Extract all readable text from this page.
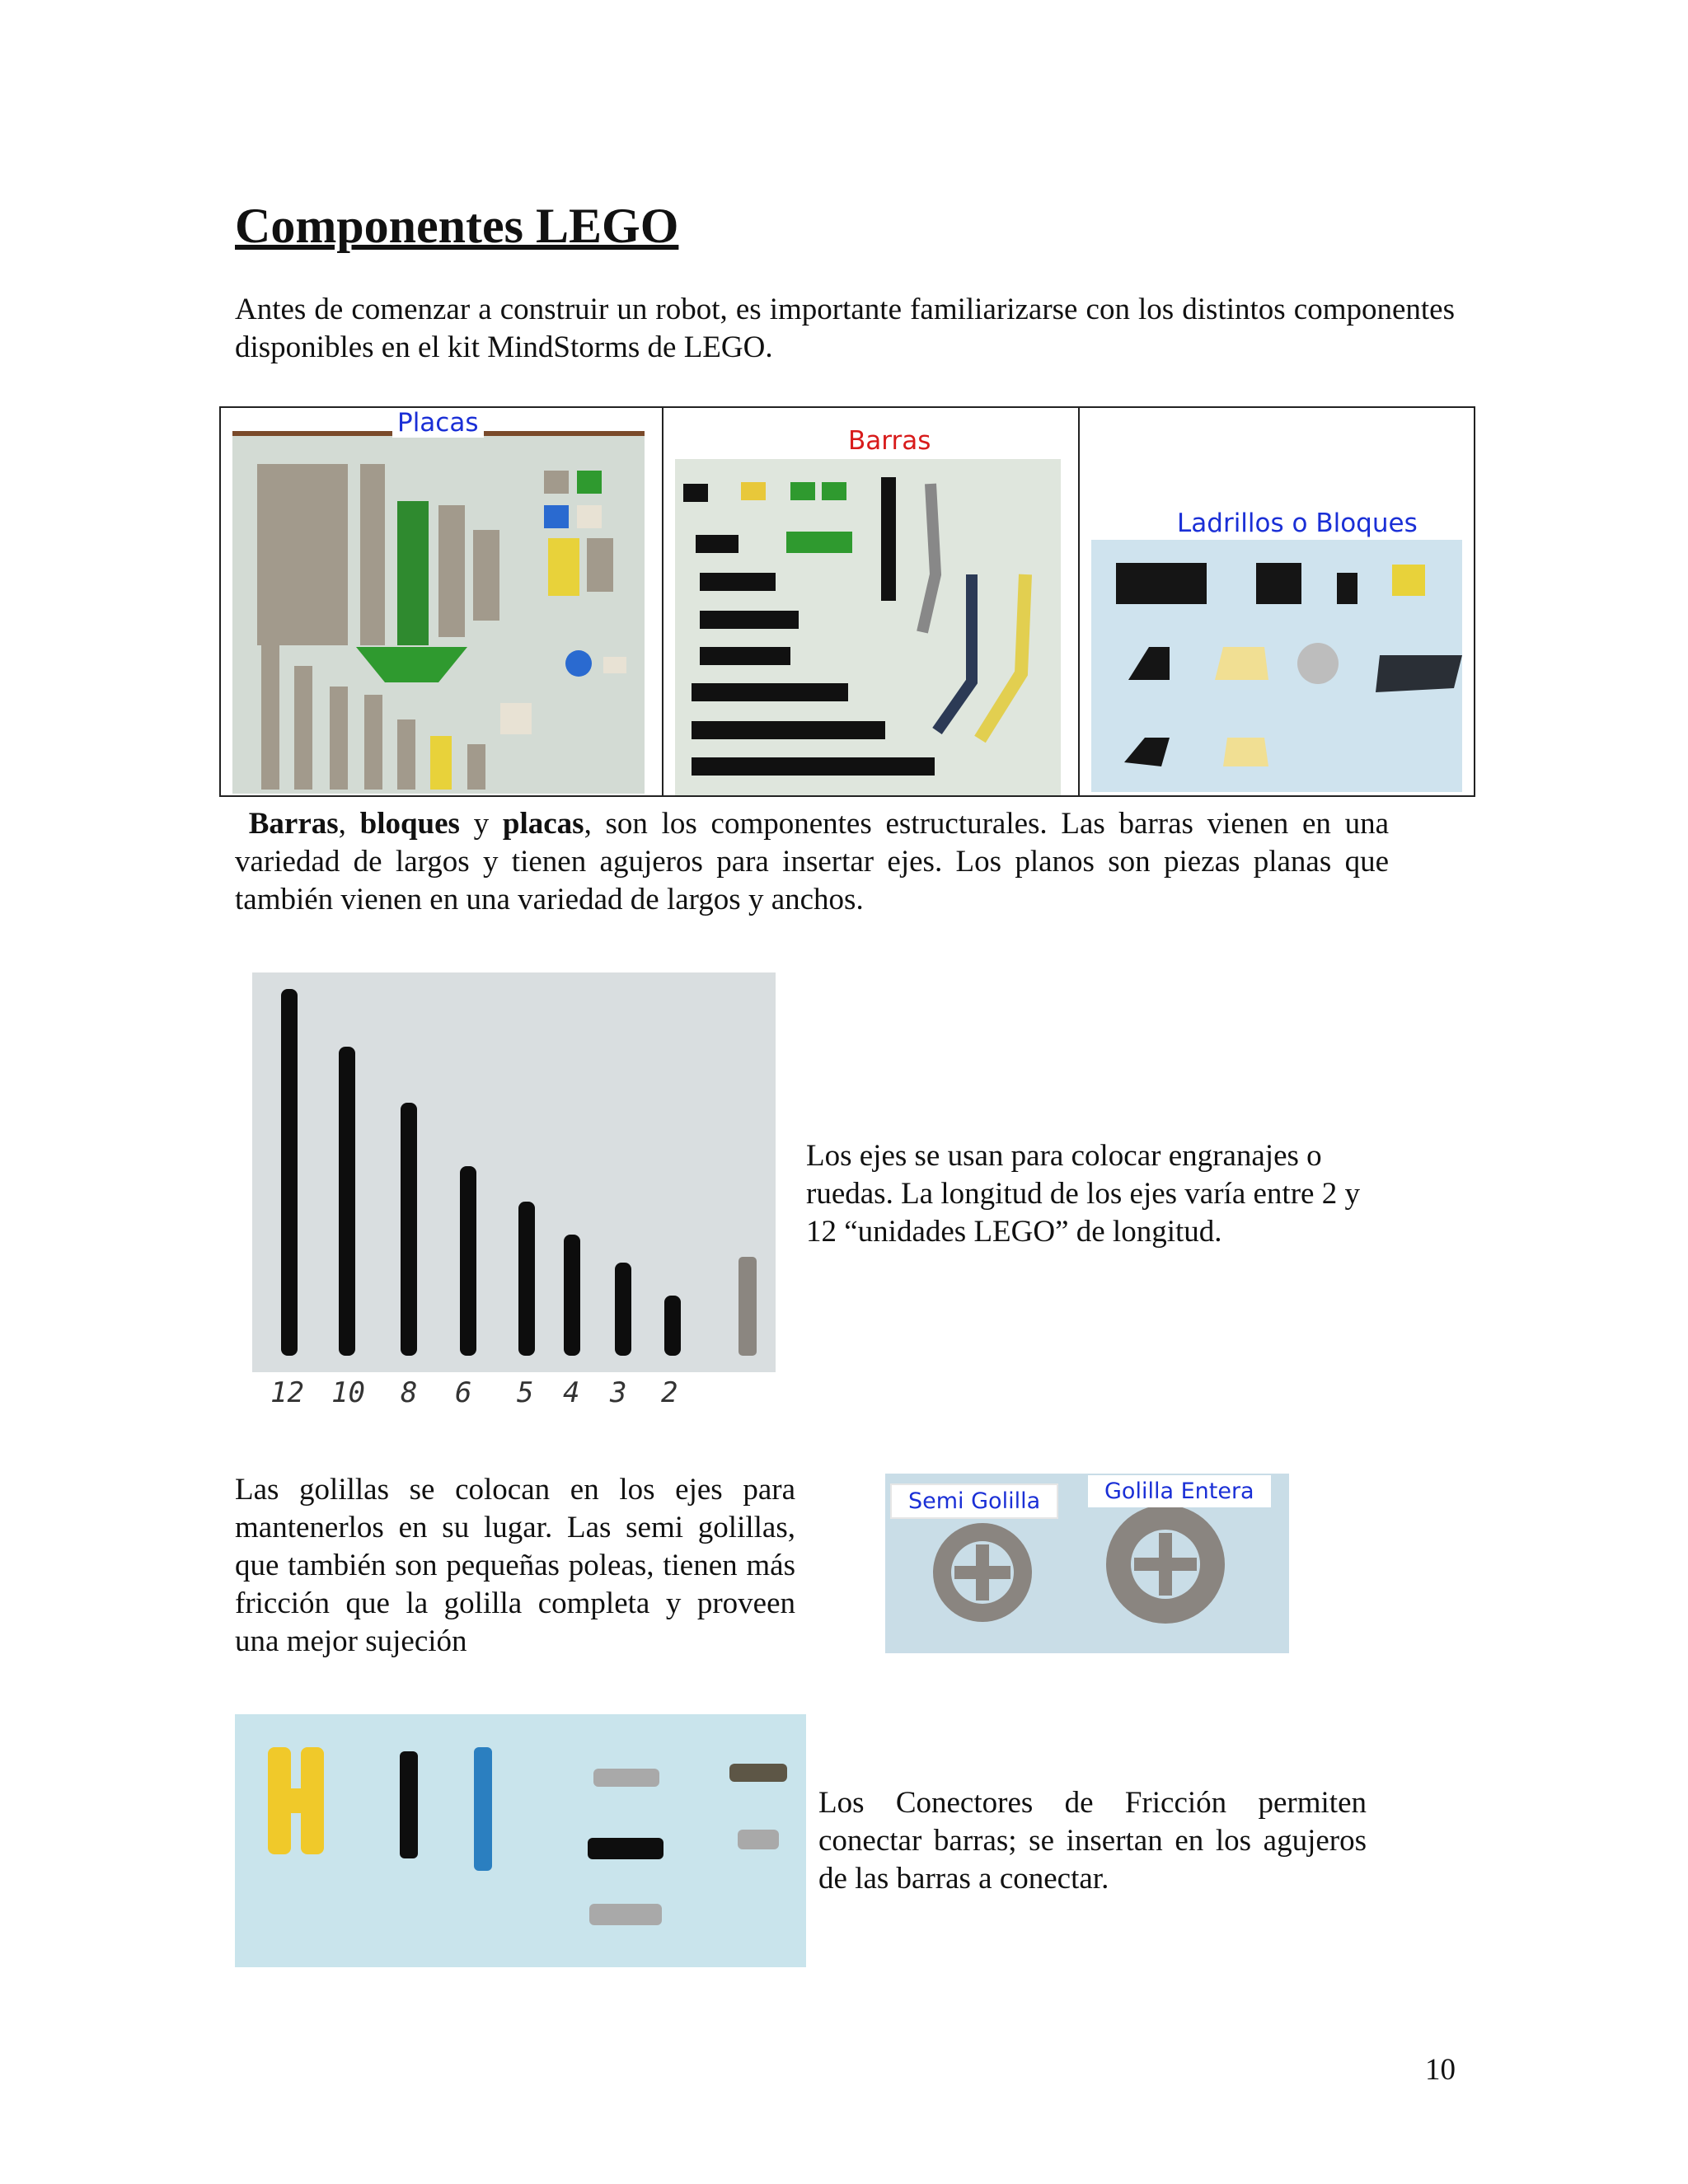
Componentes LEGO

Antes de comenzar a construir un robot, es importante familiarizarse con los distintos componentes disponibles en el kit MindStorms de LEGO.

Placas
Barras
Ladrillos o Bloques

Barras, bloques y placas, son los componentes estructurales. Las barras vienen en una variedad de largos y tienen agujeros para insertar ejes. Los planos son piezas planas que también vienen en una variedad de largos y anchos.

12 10 8 6 5 4 3 2

Los ejes se usan para colocar engranajes o ruedas. La longitud de los ejes varía entre 2 y 12 “unidades LEGO” de longitud.

Las golillas se colocan en los ejes para mantenerlos en su lugar. Las semi golillas, que también son pequeñas poleas, tienen más fricción que la golilla completa y proveen una mejor sujeción

Semi Golilla	Golilla Entera

Los Conectores de Fricción permiten conectar barras; se insertan en los agujeros de las barras a conectar.

10
